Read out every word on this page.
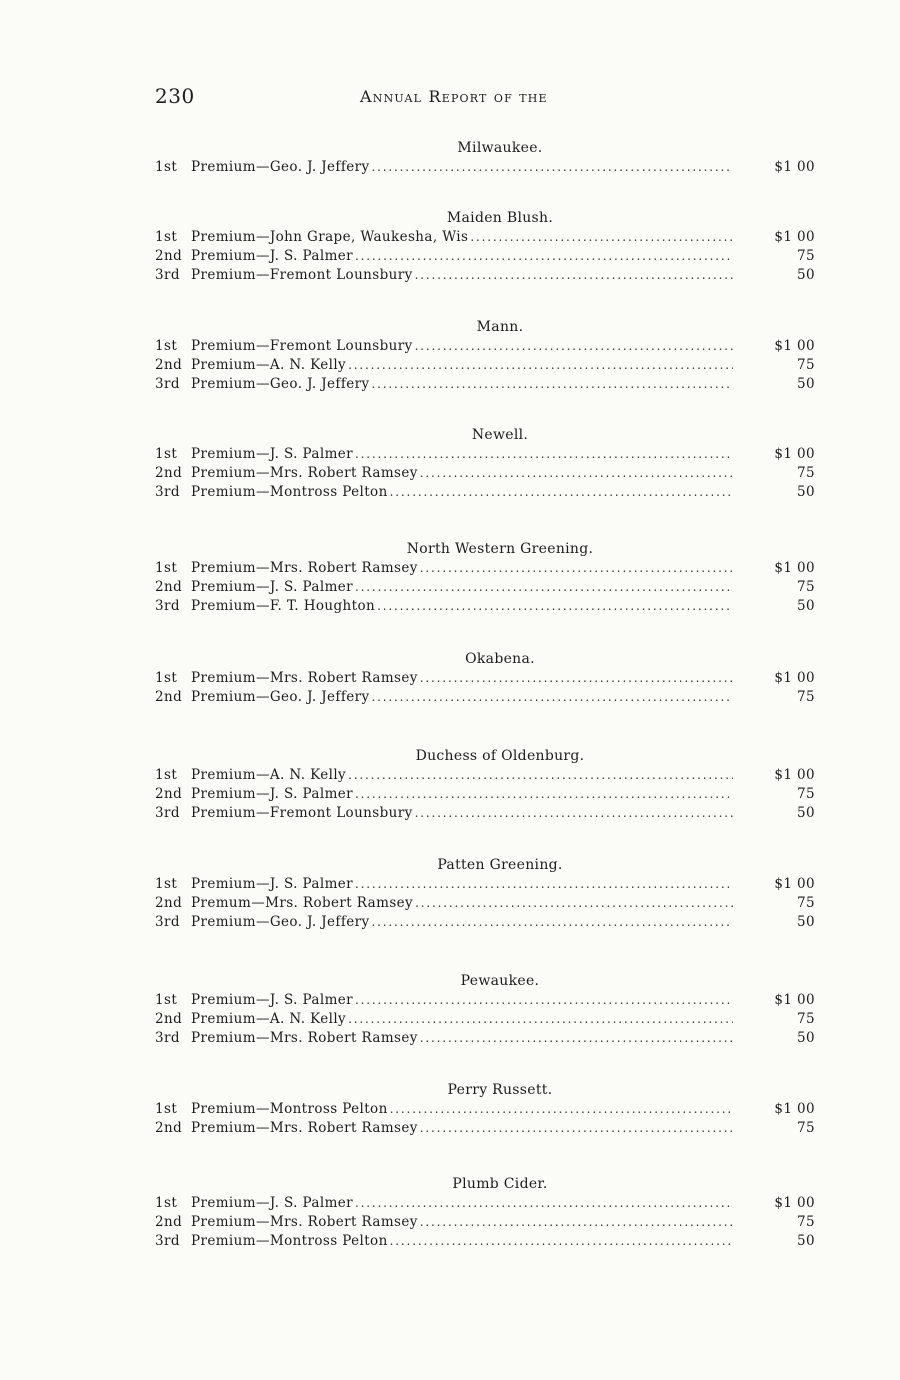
230	Annual Report of the
Milwaukee.
1st	Premium—Geo. J. Jeffery . . .	$1 00
Maiden Blush.
1st	Premium—John Grape, Waukesha, Wis . . .	$1 00
2nd Premium—J. S. Palmer . . .	75
3rd Premium—Fremont Lounsbury . . .	50
Mann.
1st	Premium—Fremont Lounsbury . . .	$1 00
2nd Premium—A. N. Kelly . . .	75
3rd Premium—Geo. J. Jeffery . . .	50
Newell.
1st	Premium—J. S. Palmer . . .	$1 00
2nd Premium—Mrs. Robert Ramsey . . .	75
3rd Premium—Montross Pelton . . .	50
North Western Greening.
1st	Premium—Mrs. Robert Ramsey . . .	$1 00
2nd Premium—J. S. Palmer . . .	75
3rd Premium—F. T. Houghton . . .	50
Okabena.
1st	Premium—Mrs. Robert Ramsey . . .	$1 00
2nd Premium—Geo. J. Jeffery . . .	75
Duchess of Oldenburg.
1st	Premium—A. N. Kelly . . .	$1 00
2nd Premium—J. S. Palmer . . .	75
3rd Premium—Fremont Lounsbury . . .	50
Patten Greening.
1st	Premium—J. S. Palmer . . .	$1 00
2nd Premum—Mrs. Robert Ramsey . . .	75
3rd Premium—Geo. J. Jeffery . . .	50
Pewaukee.
1st	Premium—J. S. Palmer . . .	$1 00
2nd Premium—A. N. Kelly . . .	75
3rd Premium—Mrs. Robert Ramsey . . .	50
Perry Russett.
1st	Premium—Montross Pelton . . .	$1 00
2nd Premium—Mrs. Robert Ramsey . . .	75
Plumb Cider.
1st	Premium—J. S. Palmer . . .	$1 00
2nd Premium—Mrs. Robert Ramsey . . .	75
3rd Premium—Montross Pelton . . .	50
